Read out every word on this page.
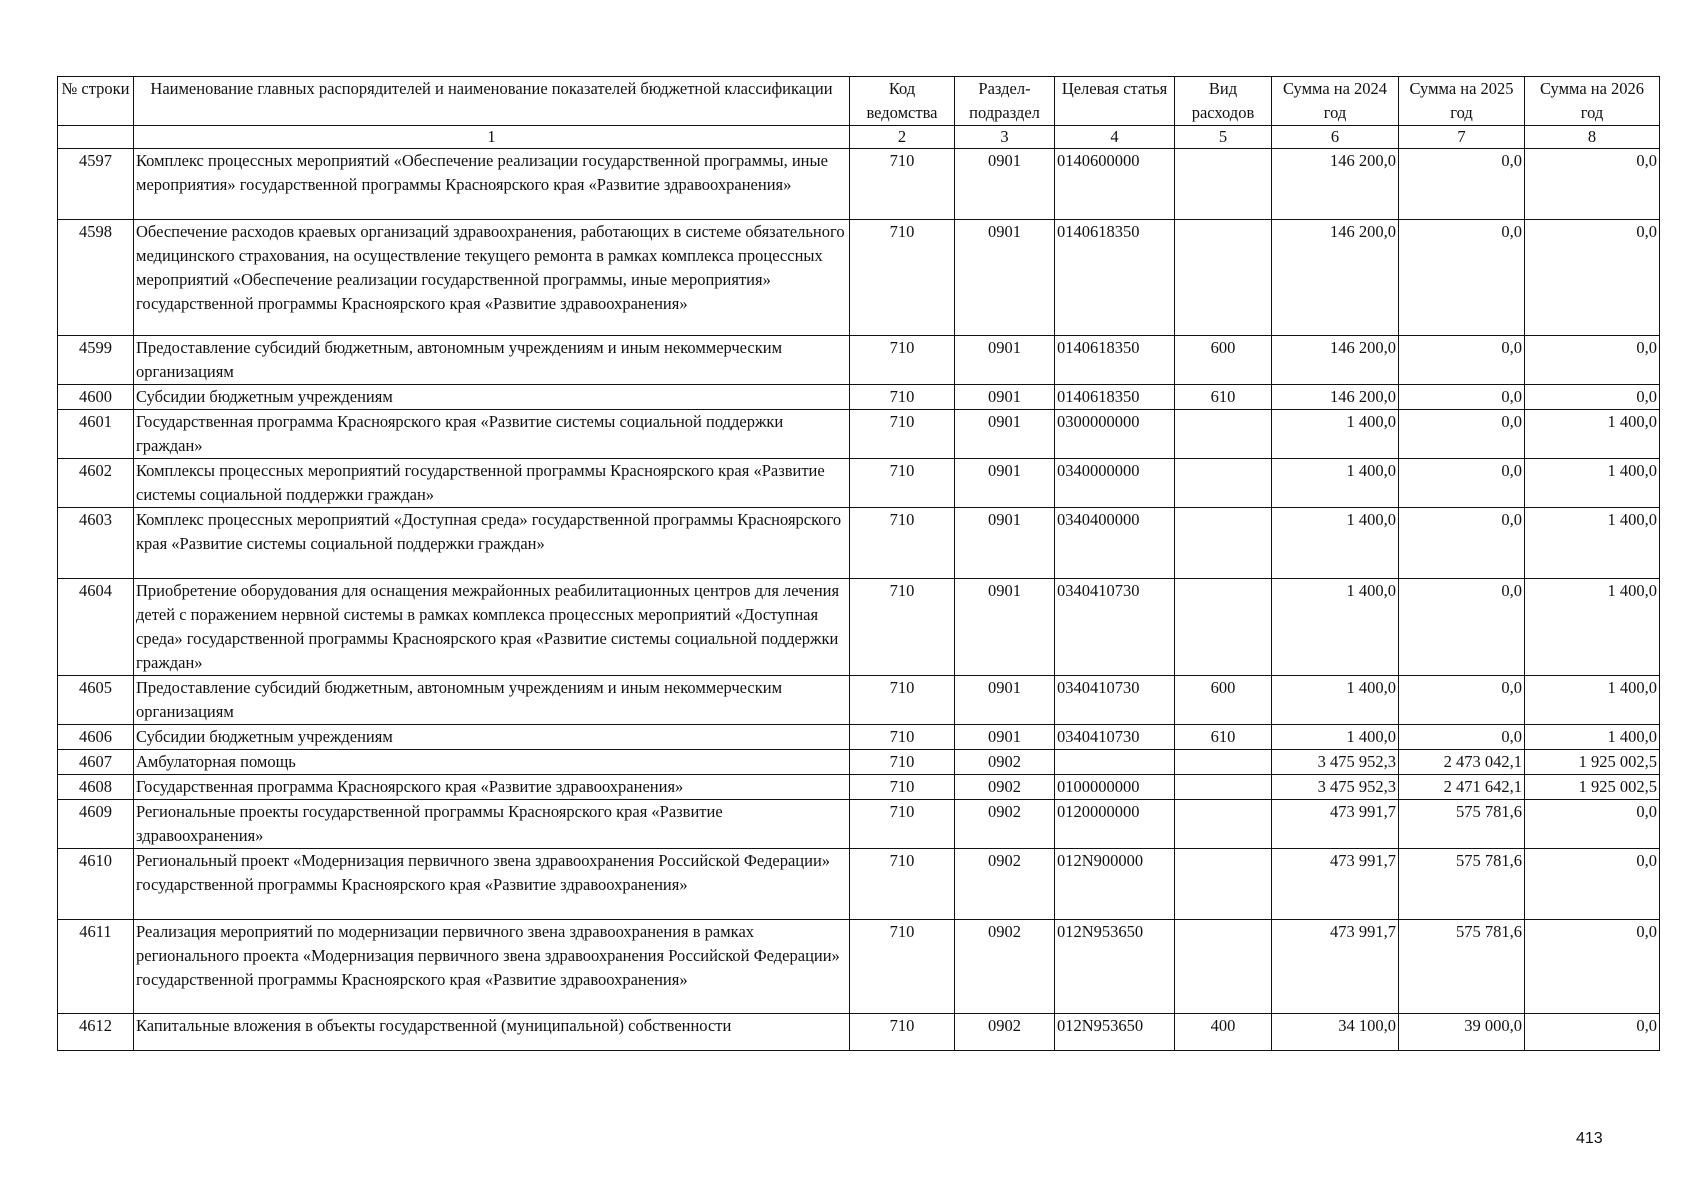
№ строки	Наименование главных распорядителей и наименование показателей бюджетной классификации	Код ведомства	Раздел-подраздел	Целевая статья	Вид расходов	Сумма на 2024 год	Сумма на 2025 год	Сумма на 2026 год
	1	2	3	4	5	6	7	8
4597	Комплекс процессных мероприятий «Обеспечение реализации государственной программы, иные мероприятия» государственной программы Красноярского края «Развитие здравоохранения»	710	0901	0140600000		146 200,0	0,0	0,0
4598	Обеспечение расходов краевых организаций здравоохранения, работающих в системе обязательного медицинского страхования, на осуществление текущего ремонта в рамках комплекса процессных мероприятий «Обеспечение реализации государственной программы, иные мероприятия» государственной программы Красноярского края «Развитие здравоохранения»	710	0901	0140618350		146 200,0	0,0	0,0
4599	Предоставление субсидий бюджетным, автономным учреждениям и иным некоммерческим организациям	710	0901	0140618350	600	146 200,0	0,0	0,0
4600	Субсидии бюджетным учреждениям	710	0901	0140618350	610	146 200,0	0,0	0,0
4601	Государственная программа Красноярского края «Развитие системы социальной поддержки граждан»	710	0901	0300000000		1 400,0	0,0	1 400,0
4602	Комплексы процессных мероприятий государственной программы Красноярского края «Развитие системы социальной поддержки граждан»	710	0901	0340000000		1 400,0	0,0	1 400,0
4603	Комплекс процессных мероприятий «Доступная среда» государственной программы Красноярского края «Развитие системы социальной поддержки граждан»	710	0901	0340400000		1 400,0	0,0	1 400,0
4604	Приобретение оборудования для оснащения межрайонных реабилитационных центров для лечения детей с поражением нервной системы в рамках комплекса процессных мероприятий «Доступная среда» государственной программы Красноярского края «Развитие системы социальной поддержки граждан»	710	0901	0340410730		1 400,0	0,0	1 400,0
4605	Предоставление субсидий бюджетным, автономным учреждениям и иным некоммерческим организациям	710	0901	0340410730	600	1 400,0	0,0	1 400,0
4606	Субсидии бюджетным учреждениям	710	0901	0340410730	610	1 400,0	0,0	1 400,0
4607	Амбулаторная помощь	710	0902			3 475 952,3	2 473 042,1	1 925 002,5
4608	Государственная программа Красноярского края «Развитие здравоохранения»	710	0902	0100000000		3 475 952,3	2 471 642,1	1 925 002,5
4609	Региональные проекты государственной программы Красноярского края «Развитие здравоохранения»	710	0902	0120000000		473 991,7	575 781,6	0,0
4610	Региональный проект «Модернизация первичного звена здравоохранения Российской Федерации» государственной программы Красноярского края «Развитие здравоохранения»	710	0902	012N900000		473 991,7	575 781,6	0,0
4611	Реализация мероприятий по модернизации первичного звена здравоохранения в рамках регионального проекта «Модернизация первичного звена здравоохранения Российской Федерации» государственной программы Красноярского края «Развитие здравоохранения»	710	0902	012N953650		473 991,7	575 781,6	0,0
4612	Капитальные вложения в объекты государственной (муниципальной) собственности	710	0902	012N953650	400	34 100,0	39 000,0	0,0
413
